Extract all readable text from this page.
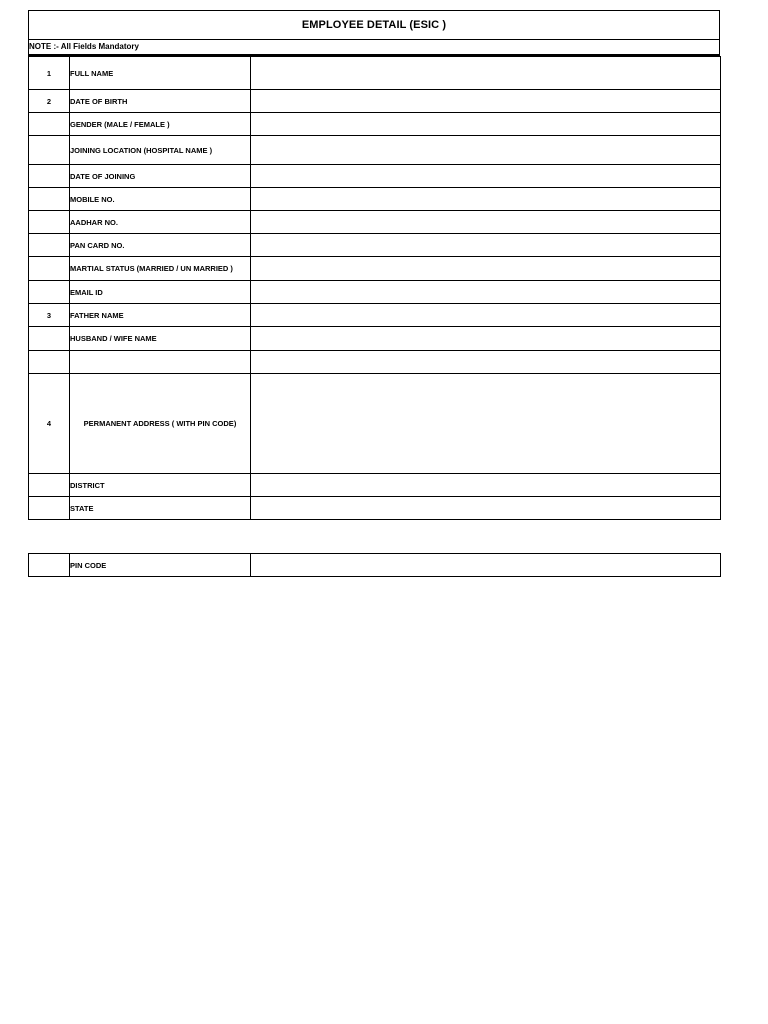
EMPLOYEE DETAIL (ESIC )
NOTE :- All Fields Mandatory
1	FULL NAME	
2	DATE OF BIRTH	
	GENDER (MALE / FEMALE )	
	JOINING LOCATION (HOSPITAL NAME )	
	DATE OF JOINING	
	MOBILE NO.	
	AADHAR NO.	
	PAN CARD NO.	
	MARTIAL STATUS (MARRIED / UN MARRIED )	
	EMAIL ID	
3	FATHER NAME	
	HUSBAND / WIFE NAME	

4	PERMANENT ADDRESS ( WITH PIN CODE)	
	DISTRICT	
	STATE	
	PIN CODE	
